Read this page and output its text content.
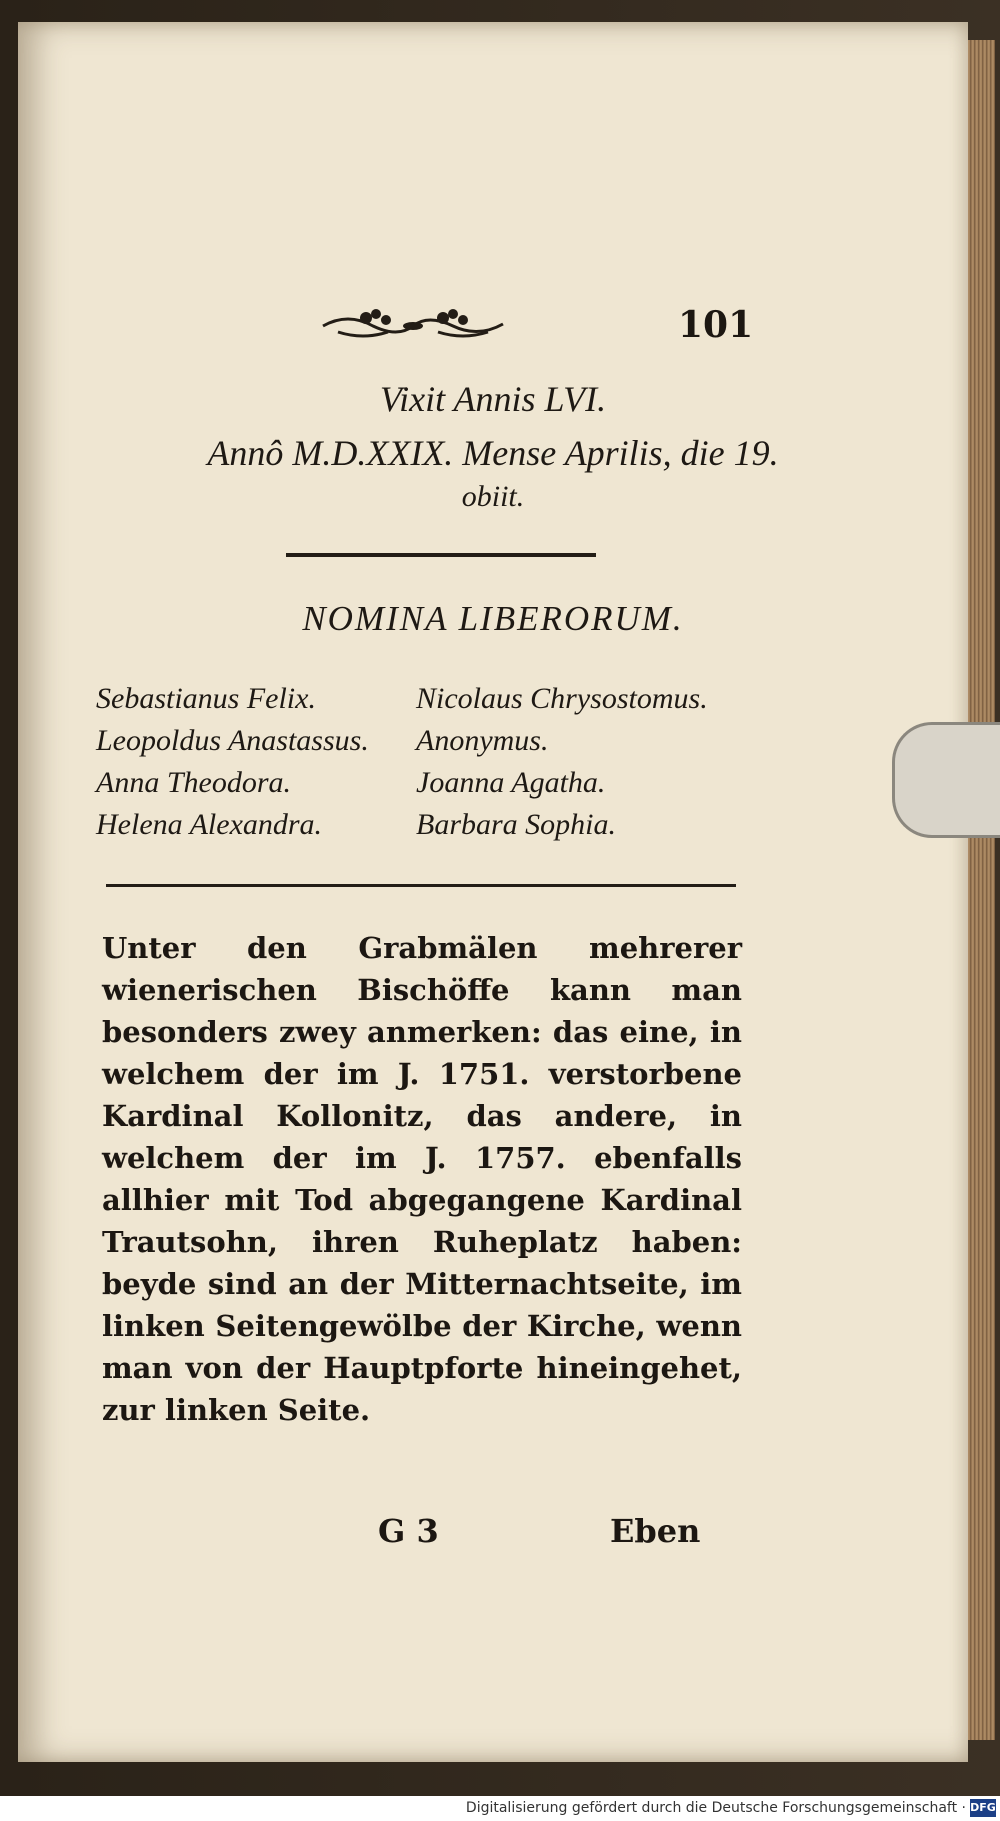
101
Vixit Annis LVI.
Annô M.D.XXIX. Mense Aprilis, die 19.
obiit.
NOMINA LIBERORUM.
Sebastianus Felix.	Nicolaus Chrysostomus.
Leopoldus Anastassus.	Anonymus.
Anna Theodora.	Joanna Agatha.
Helena Alexandra.	Barbara Sophia.
Unter den Grabmälen mehrerer wienerischen Bischöffe kann man besonders zwey anmerken: das eine, in welchem der im J. 1751. verstorbene Kardinal Kollonitz, das andere, in welchem der im J. 1757. ebenfalls allhier mit Tod abgegangene Kardinal Trautsohn, ihren Ruheplatz haben: beyde sind an der Mitternachtseite, im linken Seitengewölbe der Kirche, wenn man von der Hauptpforte hineingehet, zur linken Seite.
G 3	Eben
Digitalisierung gefördert durch die Deutsche Forschungsgemeinschaft · DFG
